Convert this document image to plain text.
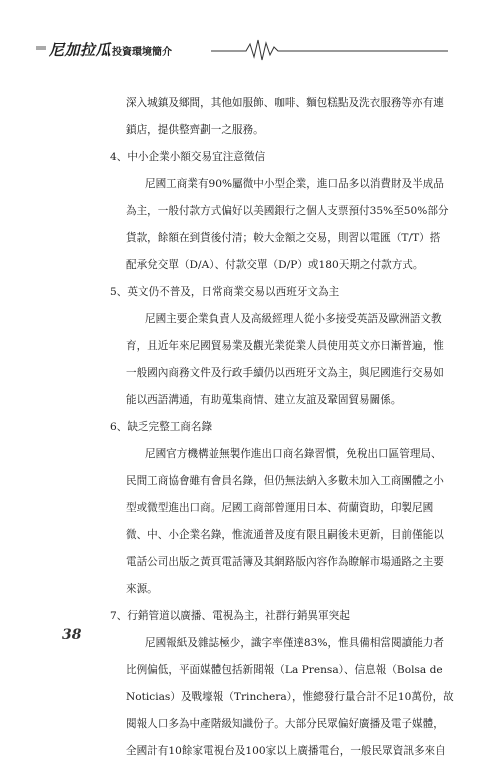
尼加拉瓜 投資環境簡介
深入城鎮及鄉間，其他如服飾、咖啡、麵包糕點及洗衣服務等亦有連
鎖店，提供整齊劃一之服務。
4、中小企業小額交易宜注意徵信
尼國工商業有90%屬微中小型企業，進口品多以消費財及半成品
為主，一般付款方式偏好以美國銀行之個人支票預付35%至50%部分
貨款，餘額在到貨後付清；較大金額之交易，則習以電匯（T/T）搭
配承兌交單（D/A）、付款交單（D/P）或180天期之付款方式。
5、英文仍不普及，日常商業交易以西班牙文為主
尼國主要企業負責人及高級經理人從小多接受英語及歐洲語文教
育，且近年來尼國貿易業及觀光業從業人員使用英文亦日漸普遍，惟
一般國內商務文件及行政手續仍以西班牙文為主，與尼國進行交易如
能以西語溝通，有助蒐集商情、建立友誼及鞏固貿易關係。
6、缺乏完整工商名錄
尼國官方機構並無製作進出口商名錄習慣，免稅出口區管理局、
民間工商協會雖有會員名錄，但仍無法納入多數未加入工商團體之小
型或微型進出口商。尼國工商部曾運用日本、荷蘭資助，印製尼國
微、中、小企業名錄，惟流通普及度有限且嗣後未更新，目前僅能以
電話公司出版之黃頁電話簿及其網路版內容作為瞭解市場通路之主要
來源。
7、行銷管道以廣播、電視為主，社群行銷異軍突起
尼國報紙及雜誌極少，識字率僅達83%，惟具備相當閱讀能力者
比例偏低，平面媒體包括新聞報（La Prensa）、信息報（Bolsa de
Noticias）及戰壕報（Trinchera），惟總發行量合計不足10萬份，故
閱報人口多為中產階級知識份子。大部分民眾偏好廣播及電子媒體，
全國計有10餘家電視台及100家以上廣播電台，一般民眾資訊多來自
38
